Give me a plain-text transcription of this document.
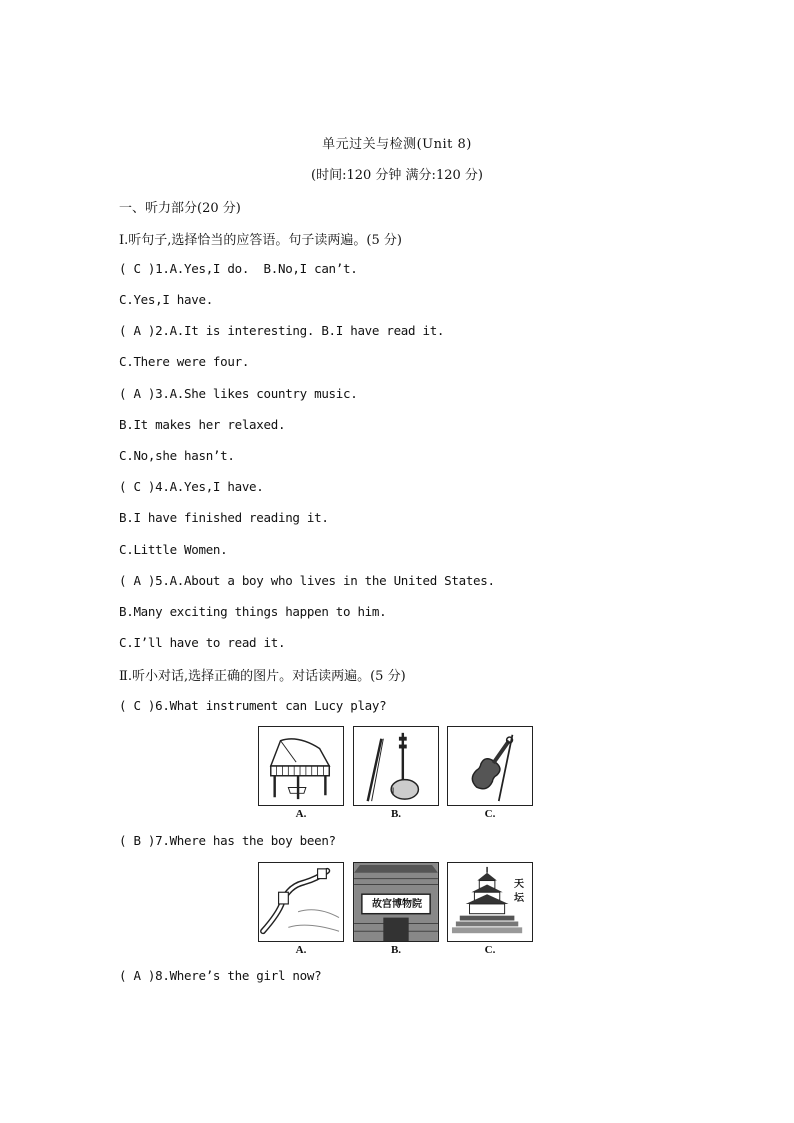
单元过关与检测(Unit 8)
(时间:120 分钟 满分:120 分)
一、听力部分(20 分)
Ⅰ.听句子,选择恰当的应答语。句子读两遍。(5 分)
( C )1.A.Yes,I do.  B.No,I can’t.
C.Yes,I have.
( A )2.A.It is interesting. B.I have read it.
C.There were four.
( A )3.A.She likes country music.
B.It makes her relaxed.
C.No,she hasn’t.
( C )4.A.Yes,I have.
B.I have finished reading it.
C.Little Women.
( A )5.A.About a boy who lives in the United States.
B.Many exciting things happen to him.
C.I’ll have to read it.
Ⅱ.听小对话,选择正确的图片。对话读两遍。(5 分)
( C )6.What instrument can Lucy play?
A.	B.	C.
( B )7.Where has the boy been?
A.
故宫博物院
B.
天
坛
C.
( A )8.Where’s the girl now?
